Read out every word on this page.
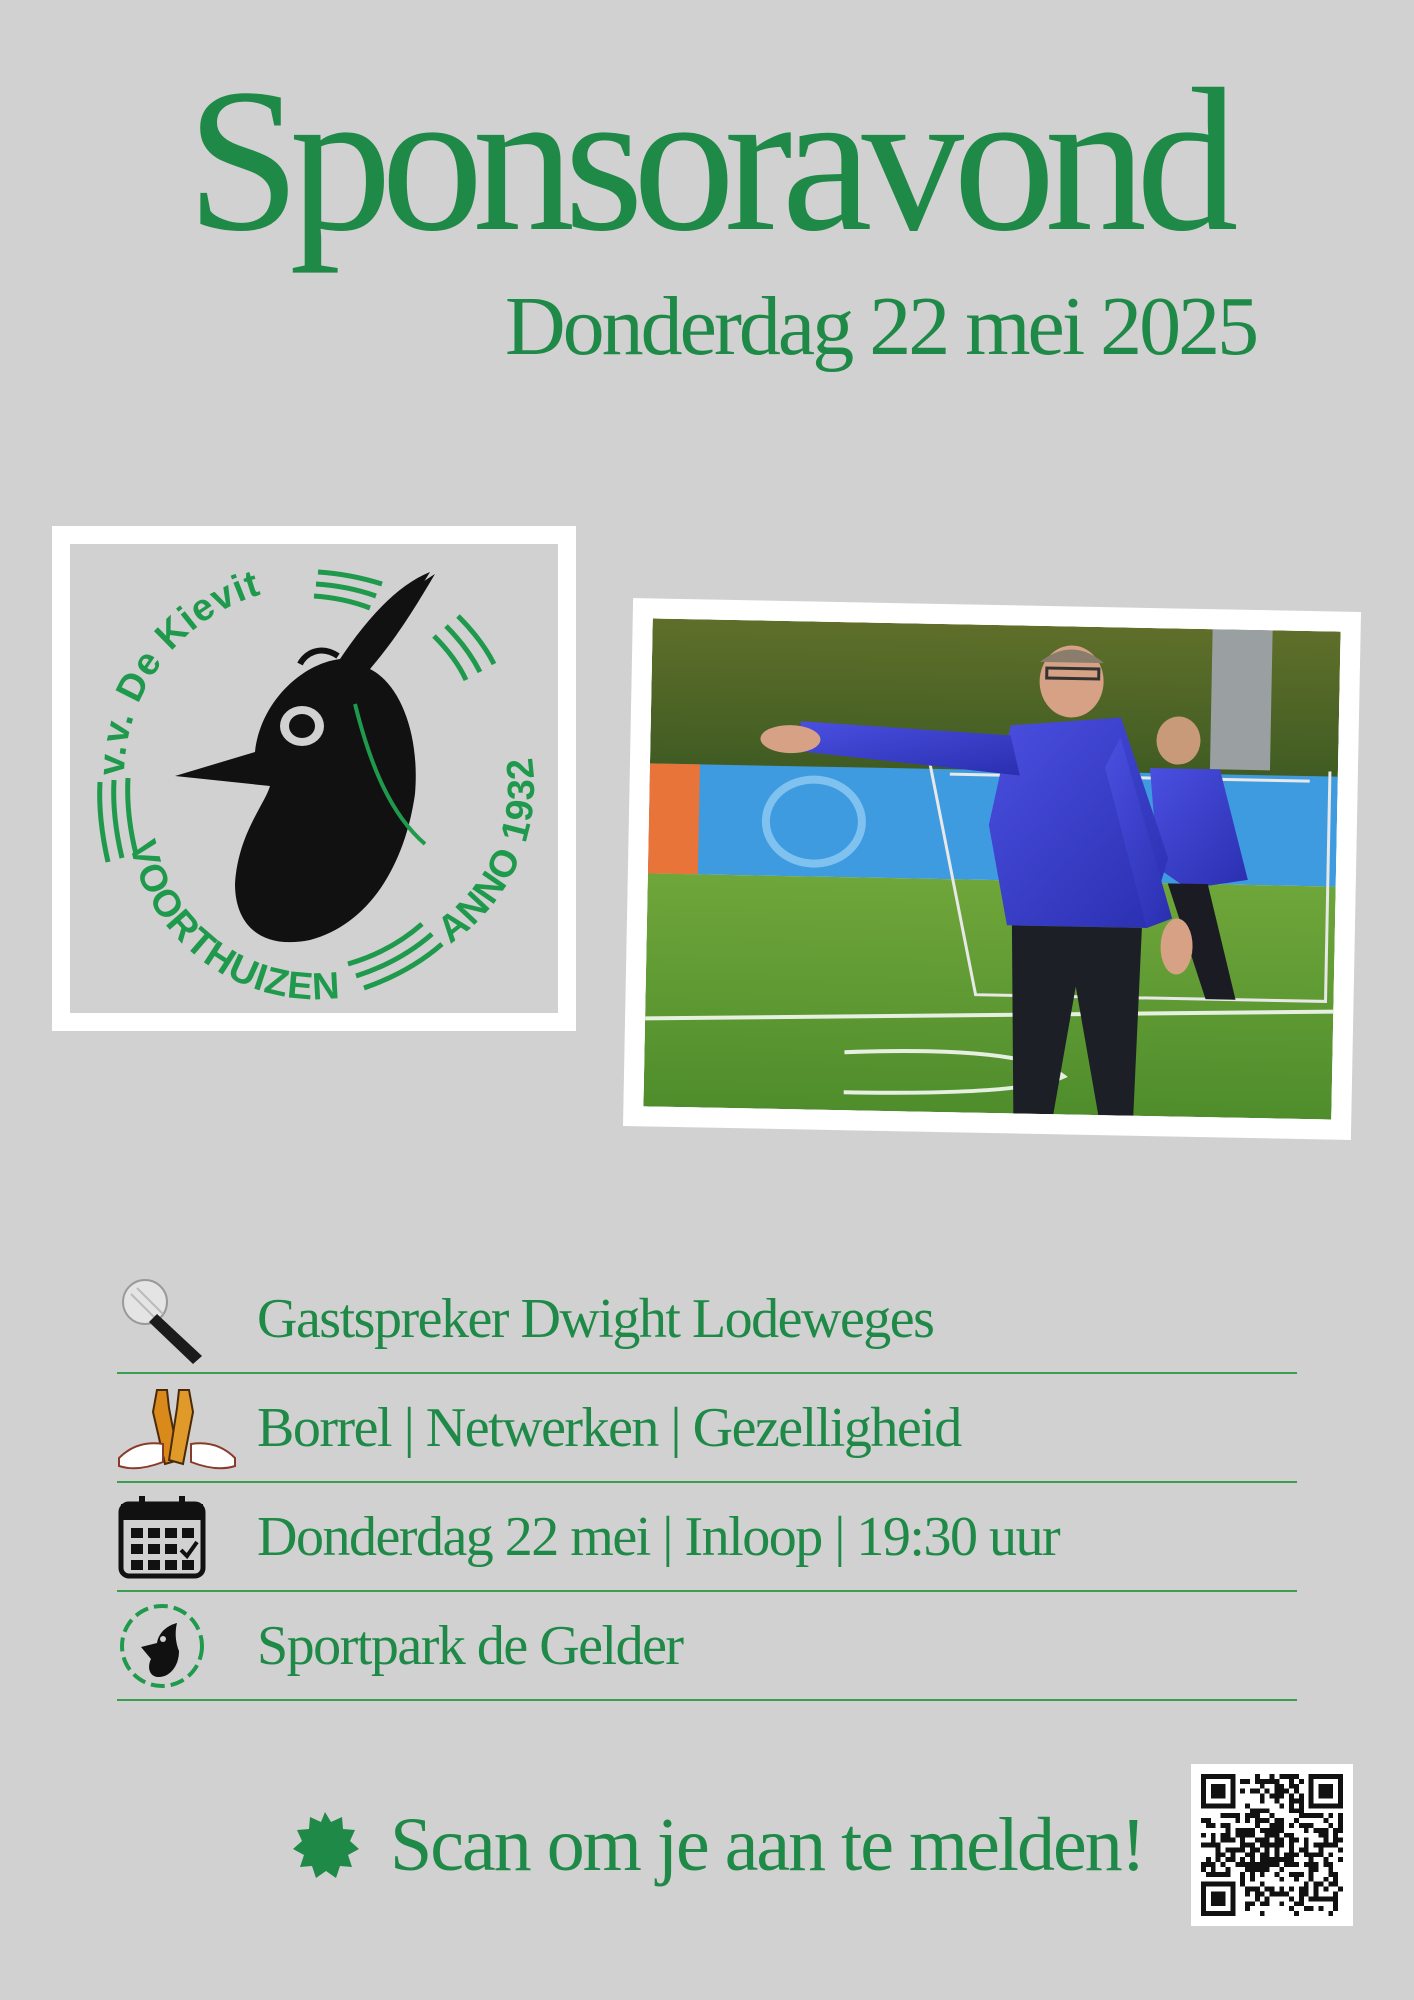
Sponsoravond
Donderdag 22 mei 2025
v.v. De Kievit
VOORTHUIZEN
ANNO 1932
Gastspreker Dwight Lodeweges
Borrel | Netwerken | Gezelligheid
Donderdag 22 mei | Inloop | 19:30 uur
Sportpark de Gelder
Scan om je aan te melden!
